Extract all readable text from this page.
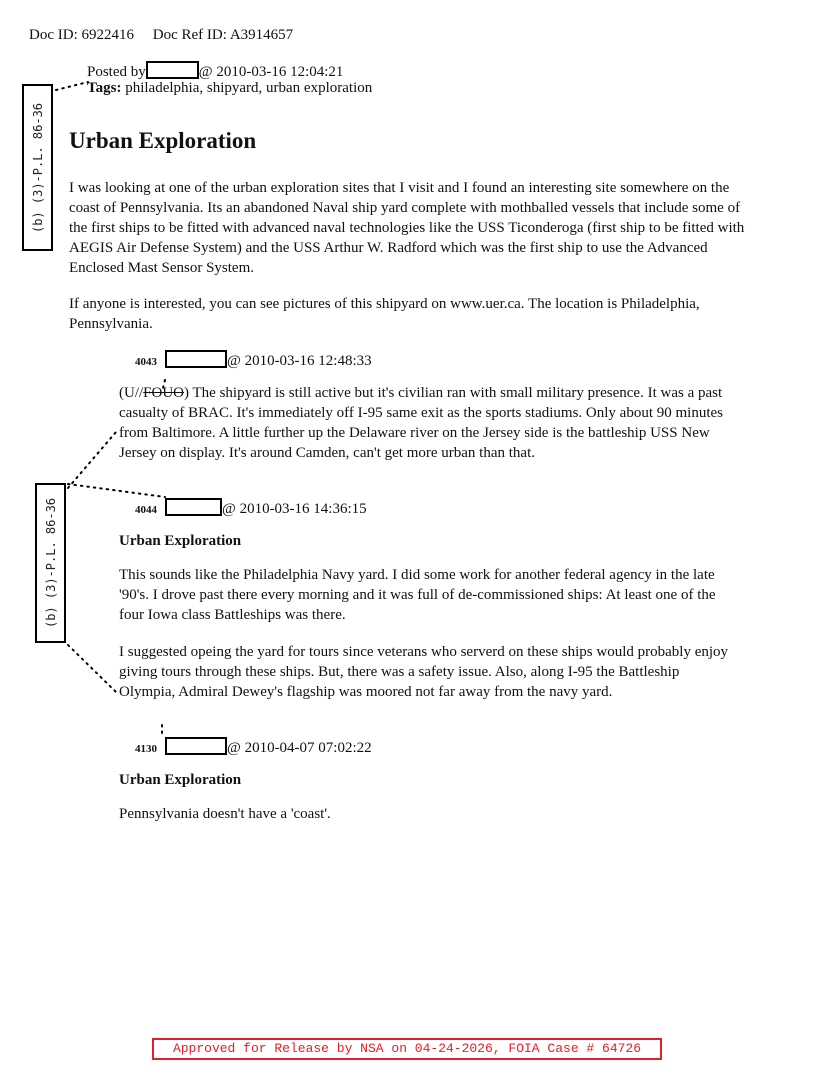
Doc ID: 6922416 Doc Ref ID: A3914657
(b) (3)-P.L. 86-36
(b) (3)-P.L. 86-36
Posted by	@ 2010-03-16 12:04:21
Tags: philadelphia, shipyard, urban exploration
Urban Exploration

I was looking at one of the urban exploration sites that I visit and I found an interesting site somewhere on the coast of Pennsylvania. Its an abandoned Naval ship yard complete with mothballed vessels that include some of the first ships to be fitted with advanced naval technologies like the USS Ticonderoga (first ship to be fitted with AEGIS Air Defense System) and the USS Arthur W. Radford which was the first ship to use the Advanced Enclosed Mast Sensor System.

If anyone is interested, you can see pictures of this shipyard on www.uer.ca. The location is Philadelphia, Pennsylvania.

4043	@ 2010-03-16 12:48:33

(U//FOUO) The shipyard is still active but it's civilian ran with small military presence. It was a past casualty of BRAC. It's immediately off I-95 same exit as the sports stadiums. Only about 90 minutes from Baltimore. A little further up the Delaware river on the Jersey side is the battleship USS New Jersey on display. It's around Camden, can't get more urban than that.

4044	@ 2010-03-16 14:36:15

Urban Exploration

This sounds like the Philadelphia Navy yard. I did some work for another federal agency in the late '90's. I drove past there every morning and it was full of de-commissioned ships: At least one of the four Iowa class Battleships was there.

I suggested opeing the yard for tours since veterans who serverd on these ships would probably enjoy giving tours through these ships. But, there was a safety issue. Also, along I-95 the Battleship Olympia, Admiral Dewey's flagship was moored not far away from the navy yard.

4130	@ 2010-04-07 07:02:22

Urban Exploration

Pennsylvania doesn't have a 'coast'.

Approved for Release by NSA on 04-24-2026, FOIA Case # 64726
